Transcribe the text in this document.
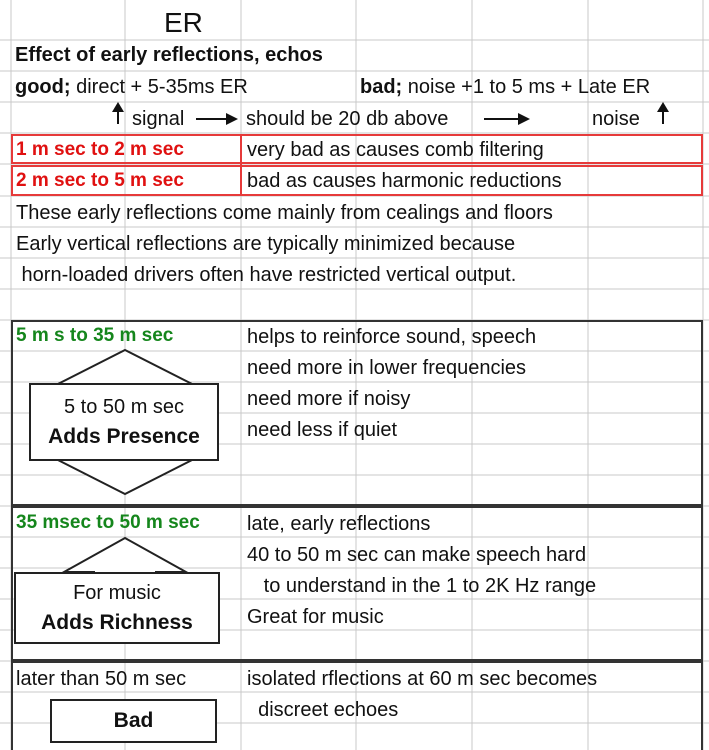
ER
Effect of early reflections, echos
good; direct + 5-35ms ER	bad; noise +1 to 5 ms + Late ER
signal	should be 20 db above	noise
1 m sec to 2 m sec	very bad as causes comb filtering
2 m sec to 5 m sec	bad as causes harmonic reductions
These early reflections come mainly from cealings and floors
Early vertical reflections are typically minimized because
horn-loaded drivers often have restricted vertical output.
5 m s to 35 m sec	helps to reinforce sound, speech
need more in lower frequencies
need more if noisy
need less if quiet
5 to 50 m sec
Adds Presence
35 msec to 50 m sec late, early reflections
40 to 50 m sec can make speech hard
to understand in the 1 to 2K Hz range
Great for music
For music
Adds Richness
later than 50 m sec	isolated rflections at 60 m sec becomes
discreet echoes
Bad
